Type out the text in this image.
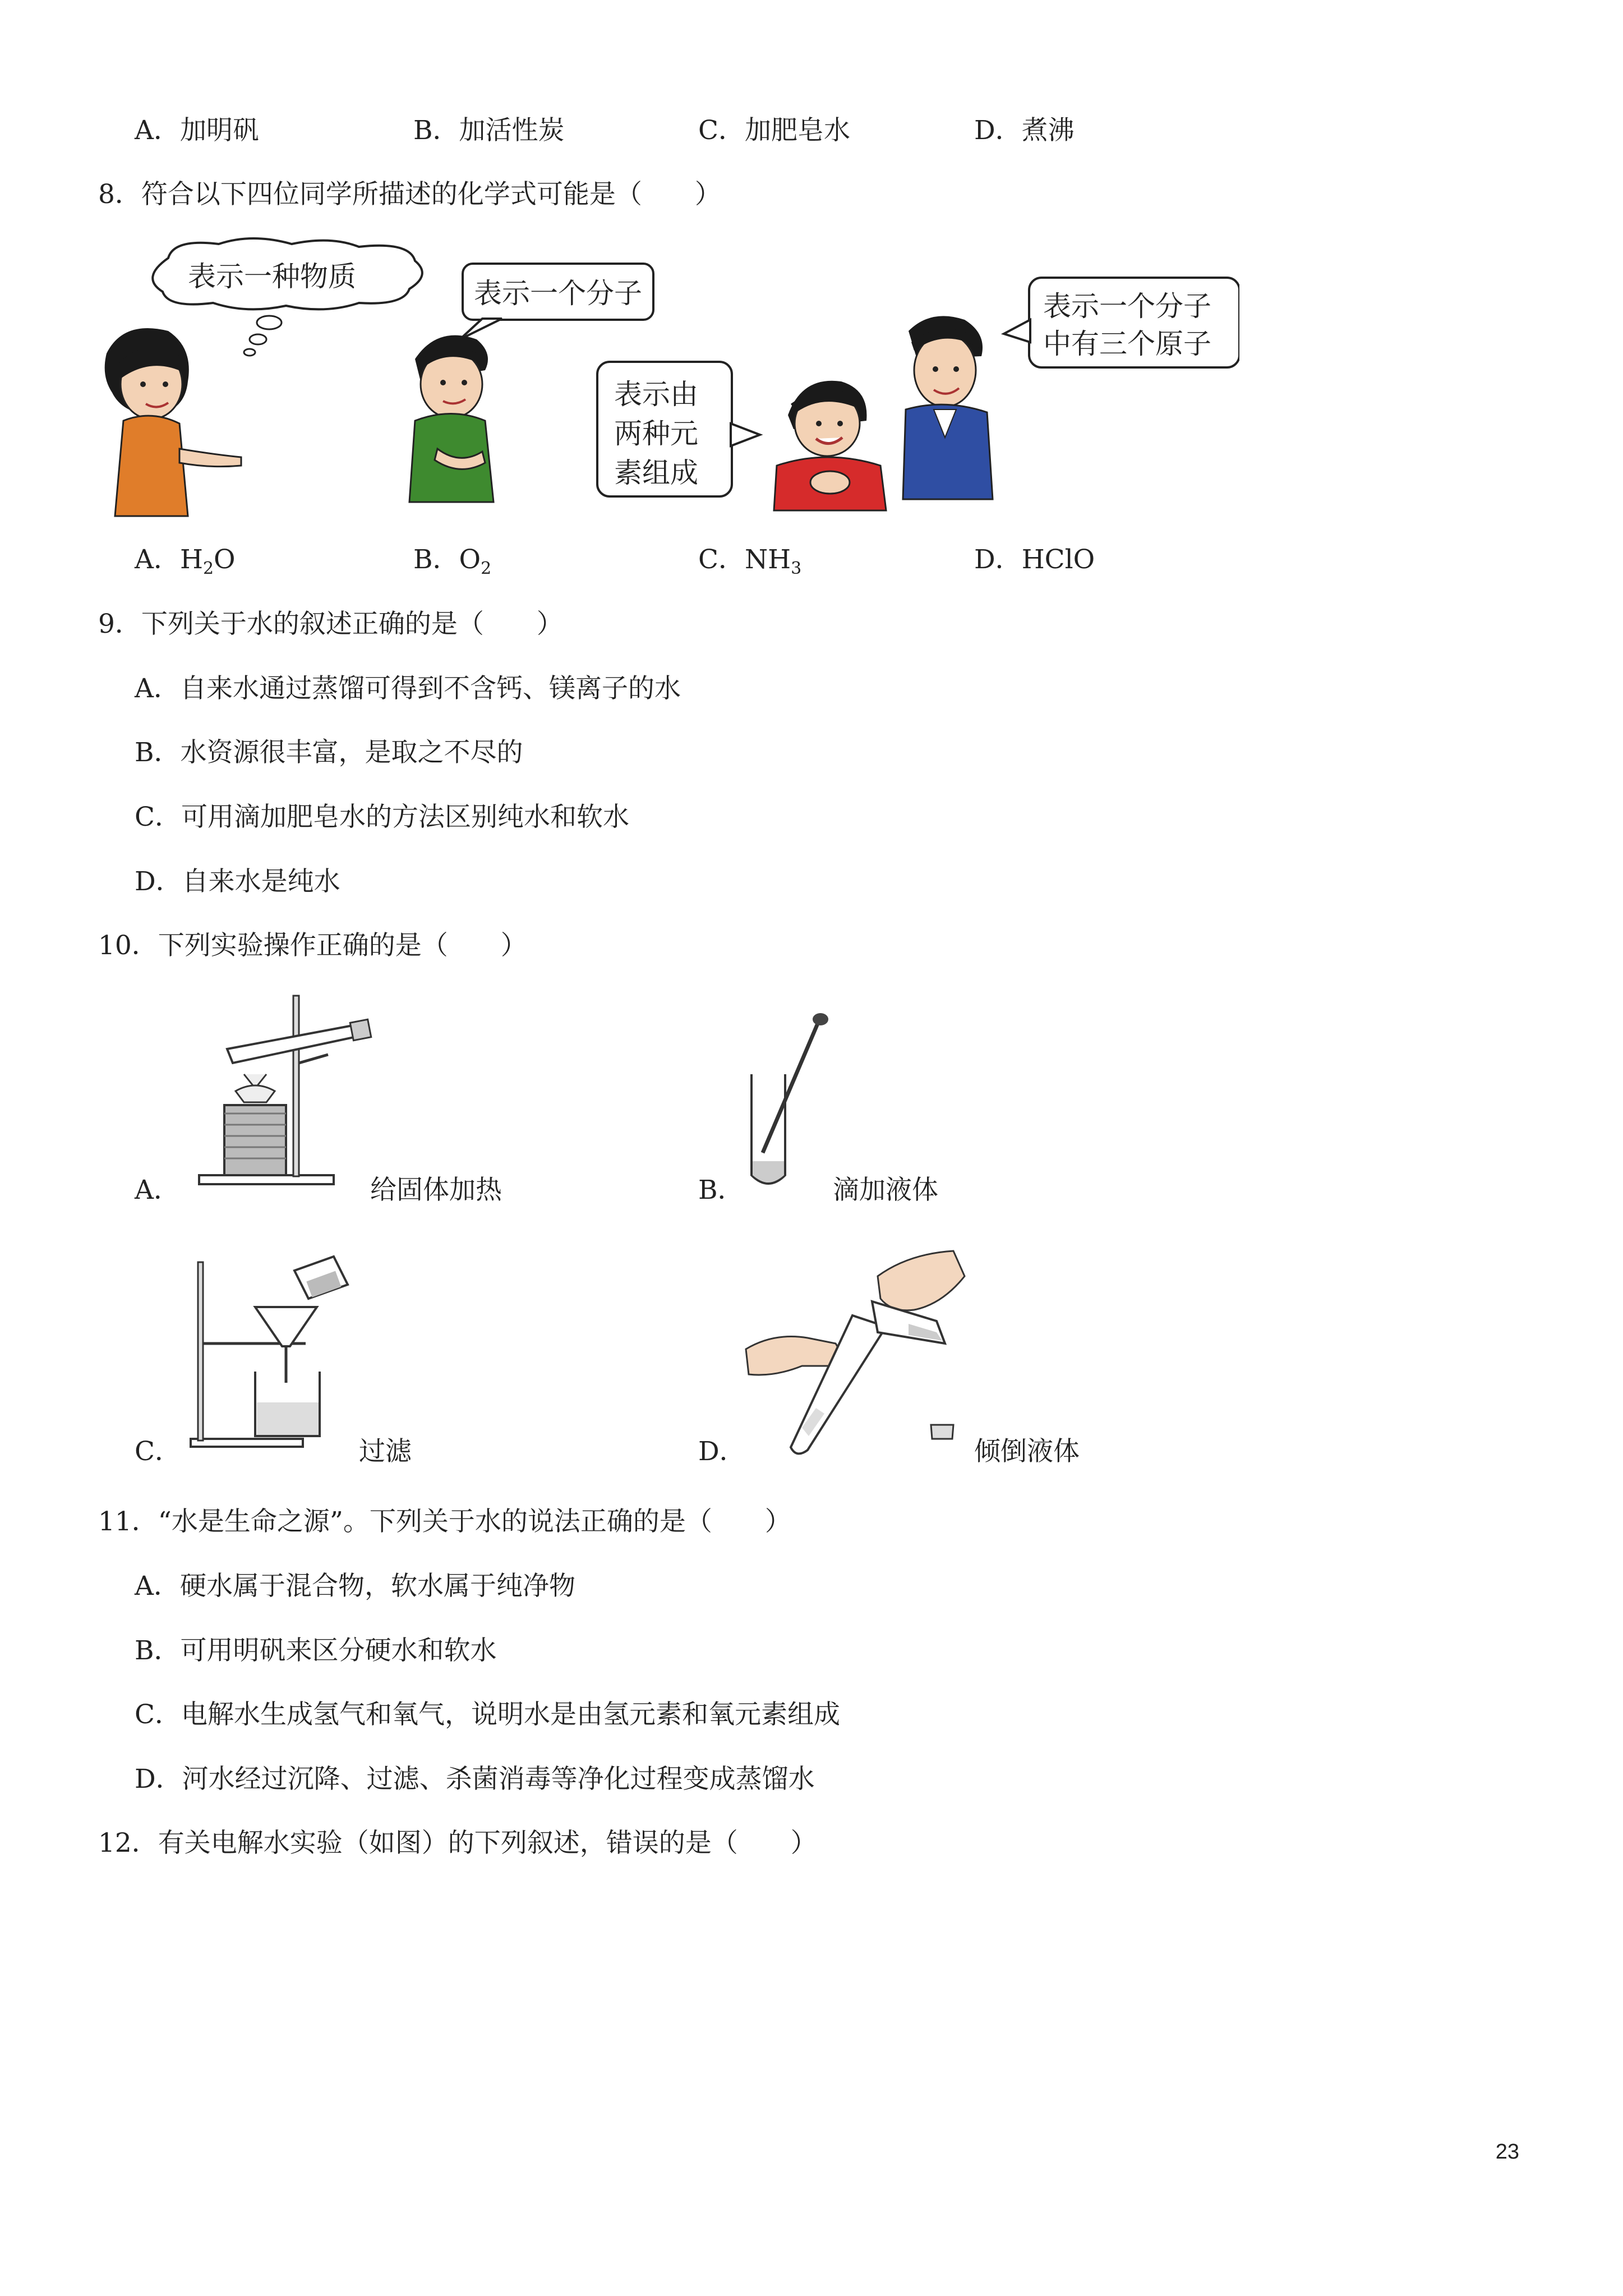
A．加明矾	B．加活性炭	C．加肥皂水	D．煮沸
8．符合以下四位同学所描述的化学式可能是（　　）
表示一种物质
表示一个分子
表示由
两种元
素组成
表示一个分子
中有三个原子
A．$H_2O$	B．$O_2$	C．$NH_3$	D．HClO
9．下列关于水的叙述正确的是（　　）
A．自来水通过蒸馏可得到不含钙、镁离子的水
B．水资源很丰富，是取之不尽的
C．可用滴加肥皂水的方法区别纯水和软水
D．自来水是纯水
10．下列实验操作正确的是（　　）
A．	给固体加热	B．	滴加液体
C．	过滤	D．	倾倒液体
11．“水是生命之源”。下列关于水的说法正确的是（　　）
A．硬水属于混合物，软水属于纯净物
B．可用明矾来区分硬水和软水
C．电解水生成氢气和氧气，说明水是由氢元素和氧元素组成
D．河水经过沉降、过滤、杀菌消毒等净化过程变成蒸馏水
12．有关电解水实验（如图）的下列叙述，错误的是（　　）
23
